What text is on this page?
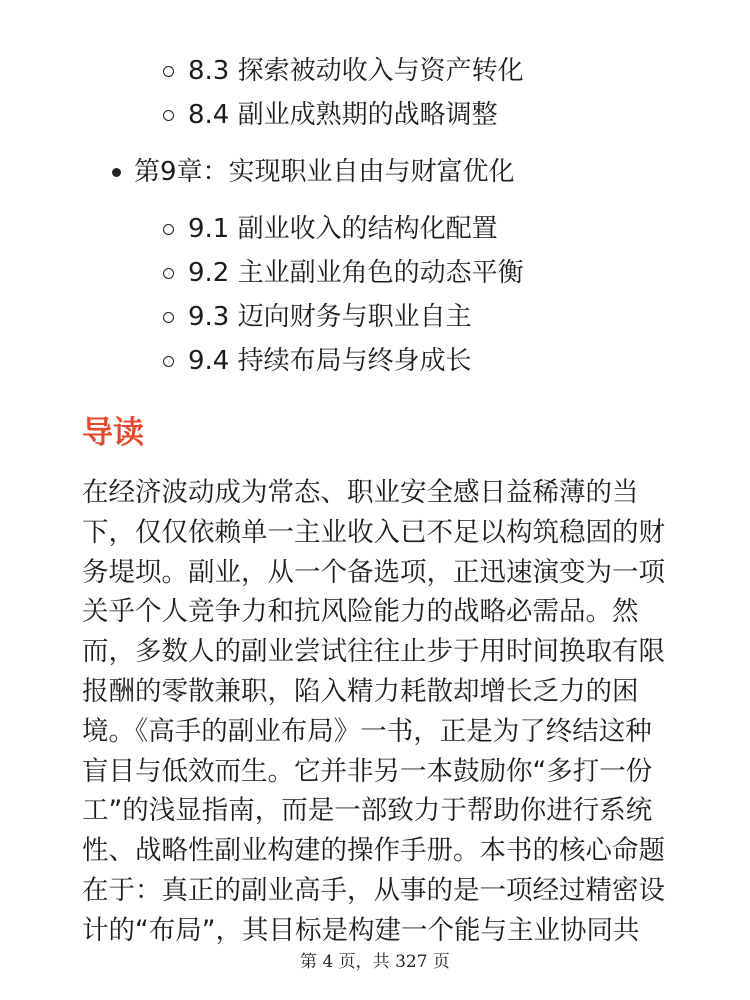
8.3 探索被动收入与资产转化
8.4 副业成熟期的战略调整
第9章：实现职业自由与财富优化
9.1 副业收入的结构化配置
9.2 主业副业角色的动态平衡
9.3 迈向财务与职业自主
9.4 持续布局与终身成长
导读
在经济波动成为常态、职业安全感日益稀薄的当
下，仅仅依赖单一主业收入已不足以构筑稳固的财
务堤坝。副业，从一个备选项，正迅速演变为一项
关乎个人竞争力和抗风险能力的战略必需品。然
而，多数人的副业尝试往往止步于用时间换取有限
报酬的零散兼职，陷入精力耗散却增长乏力的困
境。《高手的副业布局》一书，正是为了终结这种
盲目与低效而生。它并非另一本鼓励你“多打一份
工”的浅显指南，而是一部致力于帮助你进行系统
性、战略性副业构建的操作手册。本书的核心命题
在于：真正的副业高手，从事的是一项经过精密设
计的“布局”，其目标是构建一个能与主业协同共
第 4 页，共 327 页
